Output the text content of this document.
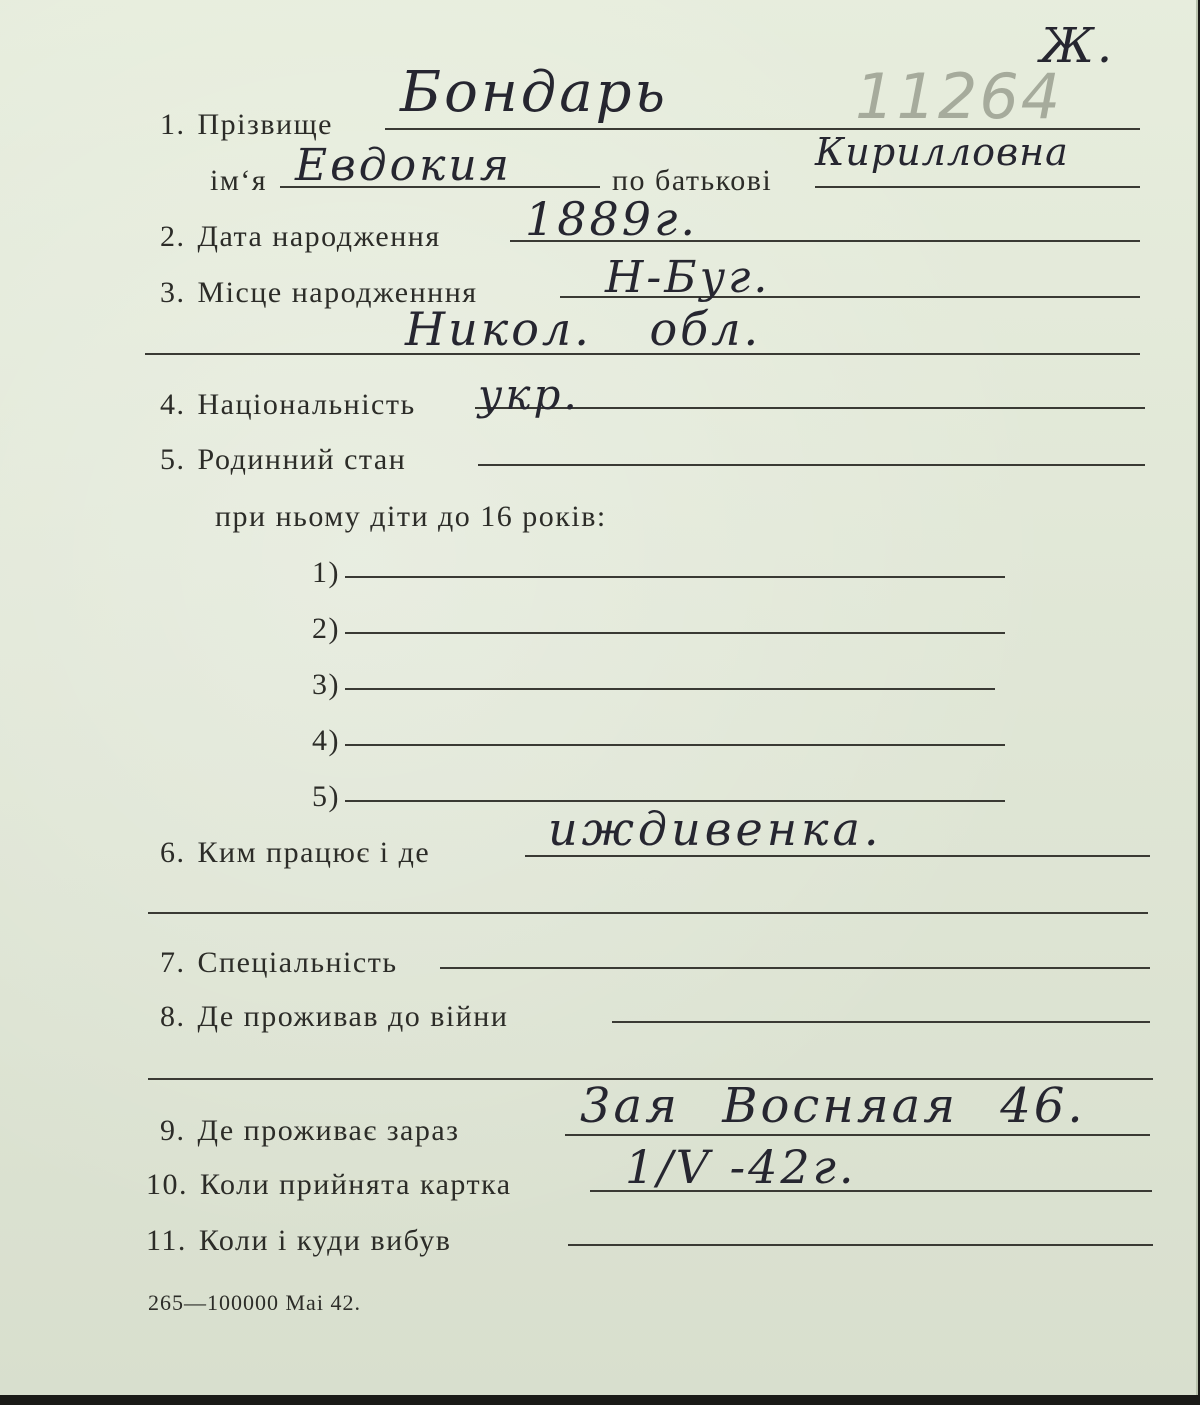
11264
Ж.
1. Прізвище Бондарь
ім‘я Евдокия	по батькові
Кирилловна
2. Дата народження 1889г.
3. Місце народженння	Н-Буг.
Никол. обл.
4. Національність укр.
5. Родинний стан
при ньому діти до 16 років:
1)
2)
3)
4)
5)
6. Ким працює і де	иждивенка.
7. Спеціальність
8. Де проживав до війни
9. Де проживає зараз	3ая Восняая 46.
10. Коли прийнята картка 1/V -42г.
11. Коли і куди вибув
265—100000 Маі 42.
